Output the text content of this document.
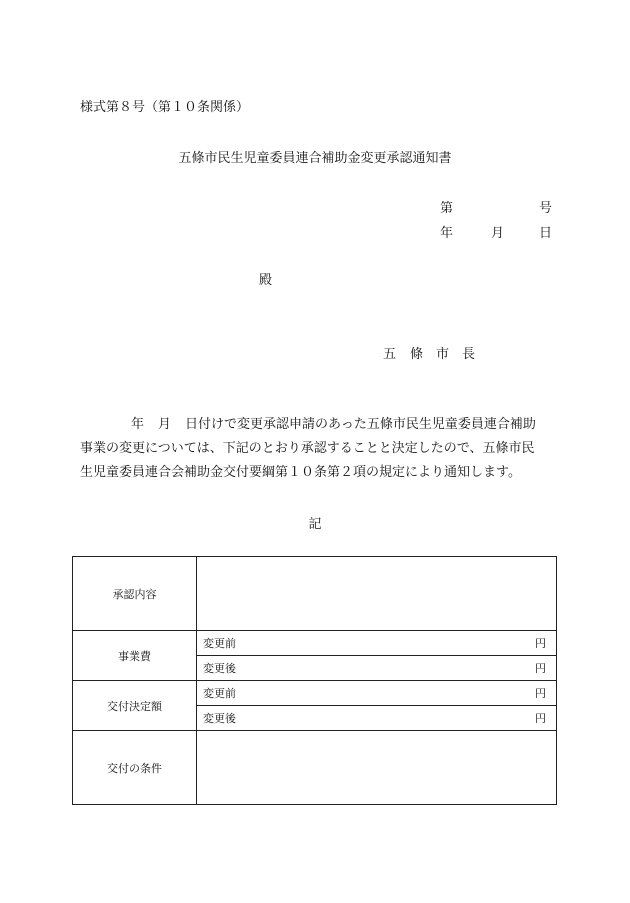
様式第８号（第１０条関係）
五條市民生児童委員連合補助金変更承認通知書
第	号
年	月	日
殿
五 條 市 長
年 月 日付けで変更承認申請のあった五條市民生児童委員連合補助
事業の変更については、下記のとおり承認することと決定したので、五條市民
生児童委員連合会補助金交付要綱第１０条第２項の規定により通知します。
記
承認内容	
事業費	変更前 円

	変更後 円

交付決定額	変更前 円

	変更後 円

交付の条件	
